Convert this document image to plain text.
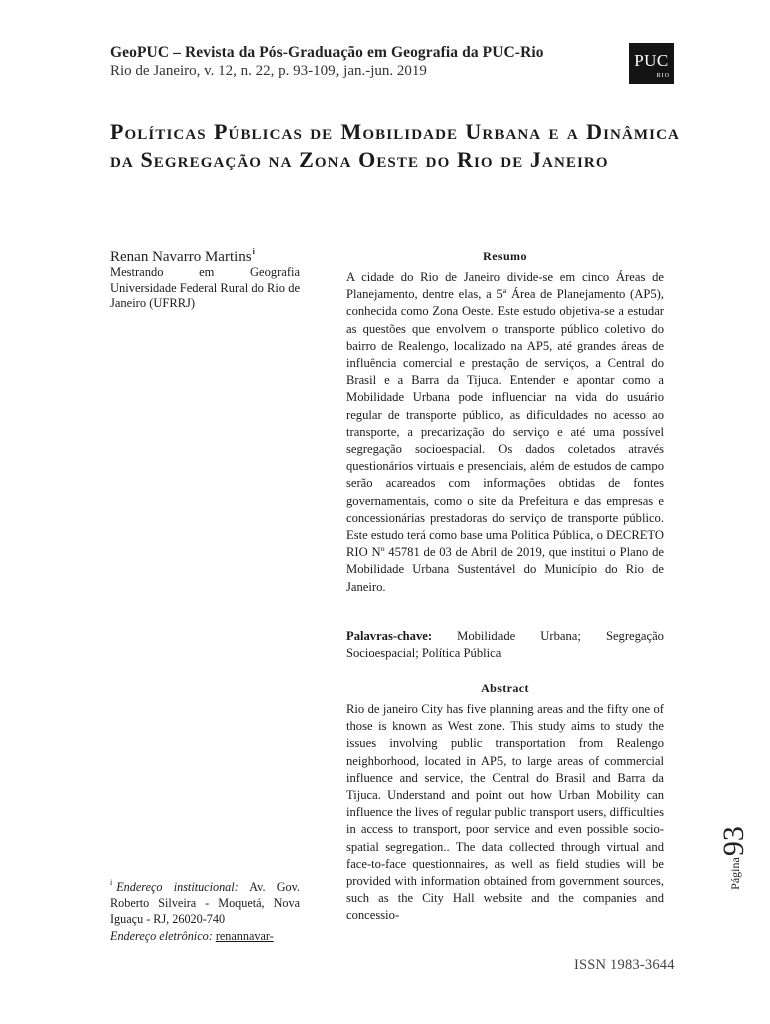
GeoPUC – Revista da Pós-Graduação em Geografia da PUC-Rio
Rio de Janeiro, v. 12, n. 22, p. 93-109, jan.-jun. 2019
PUC
RIO
Políticas Públicas de Mobilidade Urbana e a Dinâmica da Segregação na Zona Oeste do Rio de Janeiro
Renan Navarro Martins$^i$
Mestrando em Geografia Universidade Federal Rural do Rio de Janeiro (UFRRJ)
Resumo
A cidade do Rio de Janeiro divide-se em cinco Áreas de Planejamento, dentre elas, a 5ª Área de Planejamento (AP5), conhecida como Zona Oeste. Este estudo objetiva-se a estudar as questões que envolvem o transporte público coletivo do bairro de Realengo, localizado na AP5, até grandes áreas de influência comercial e prestação de serviços, a Central do Brasil e a Barra da Tijuca. Entender e apontar como a Mobilidade Urbana pode influenciar na vida do usuário regular de transporte público, as dificuldades no acesso ao transporte, a precarização do serviço e até uma possível segregação socioespacial. Os dados coletados através questionários virtuais e presenciais, além de estudos de campo serão acareados com informações obtidas de fontes governamentais, como o site da Prefeitura e das empresas e concessionárias prestadoras do serviço de transporte público. Este estudo terá como base uma Politica Pública, o DECRETO RIO Nº 45781 de 03 de Abril de 2019, que institui o Plano de Mobilidade Urbana Sustentável do Município do Rio de Janeiro.
Palavras-chave: Mobilidade Urbana; Segregação Socioespacial; Política Pública
Abstract
Rio de janeiro City has five planning areas and the fifty one of those is known as West zone. This study aims to study the issues involving public transportation from Realengo neighborhood, located in AP5, to large areas of commercial influence and service, the Central do Brasil and Barra da Tijuca. Understand and point out how Urban Mobility can influence the lives of regular public transport users, difficulties in access to transport, poor service and even possible socio-spatial segregation.. The data collected through virtual and face-to-face questionnaires, as well as field studies will be provided with information obtained from government sources, such as the City Hall website and the companies and concessio-
$^i$ Endereço institucional: Av. Gov. Roberto Silveira - Moquetá, Nova Iguaçu - RJ, 26020-740
Endereço eletrônico: renannavar-
Página93
ISSN 1983-3644
